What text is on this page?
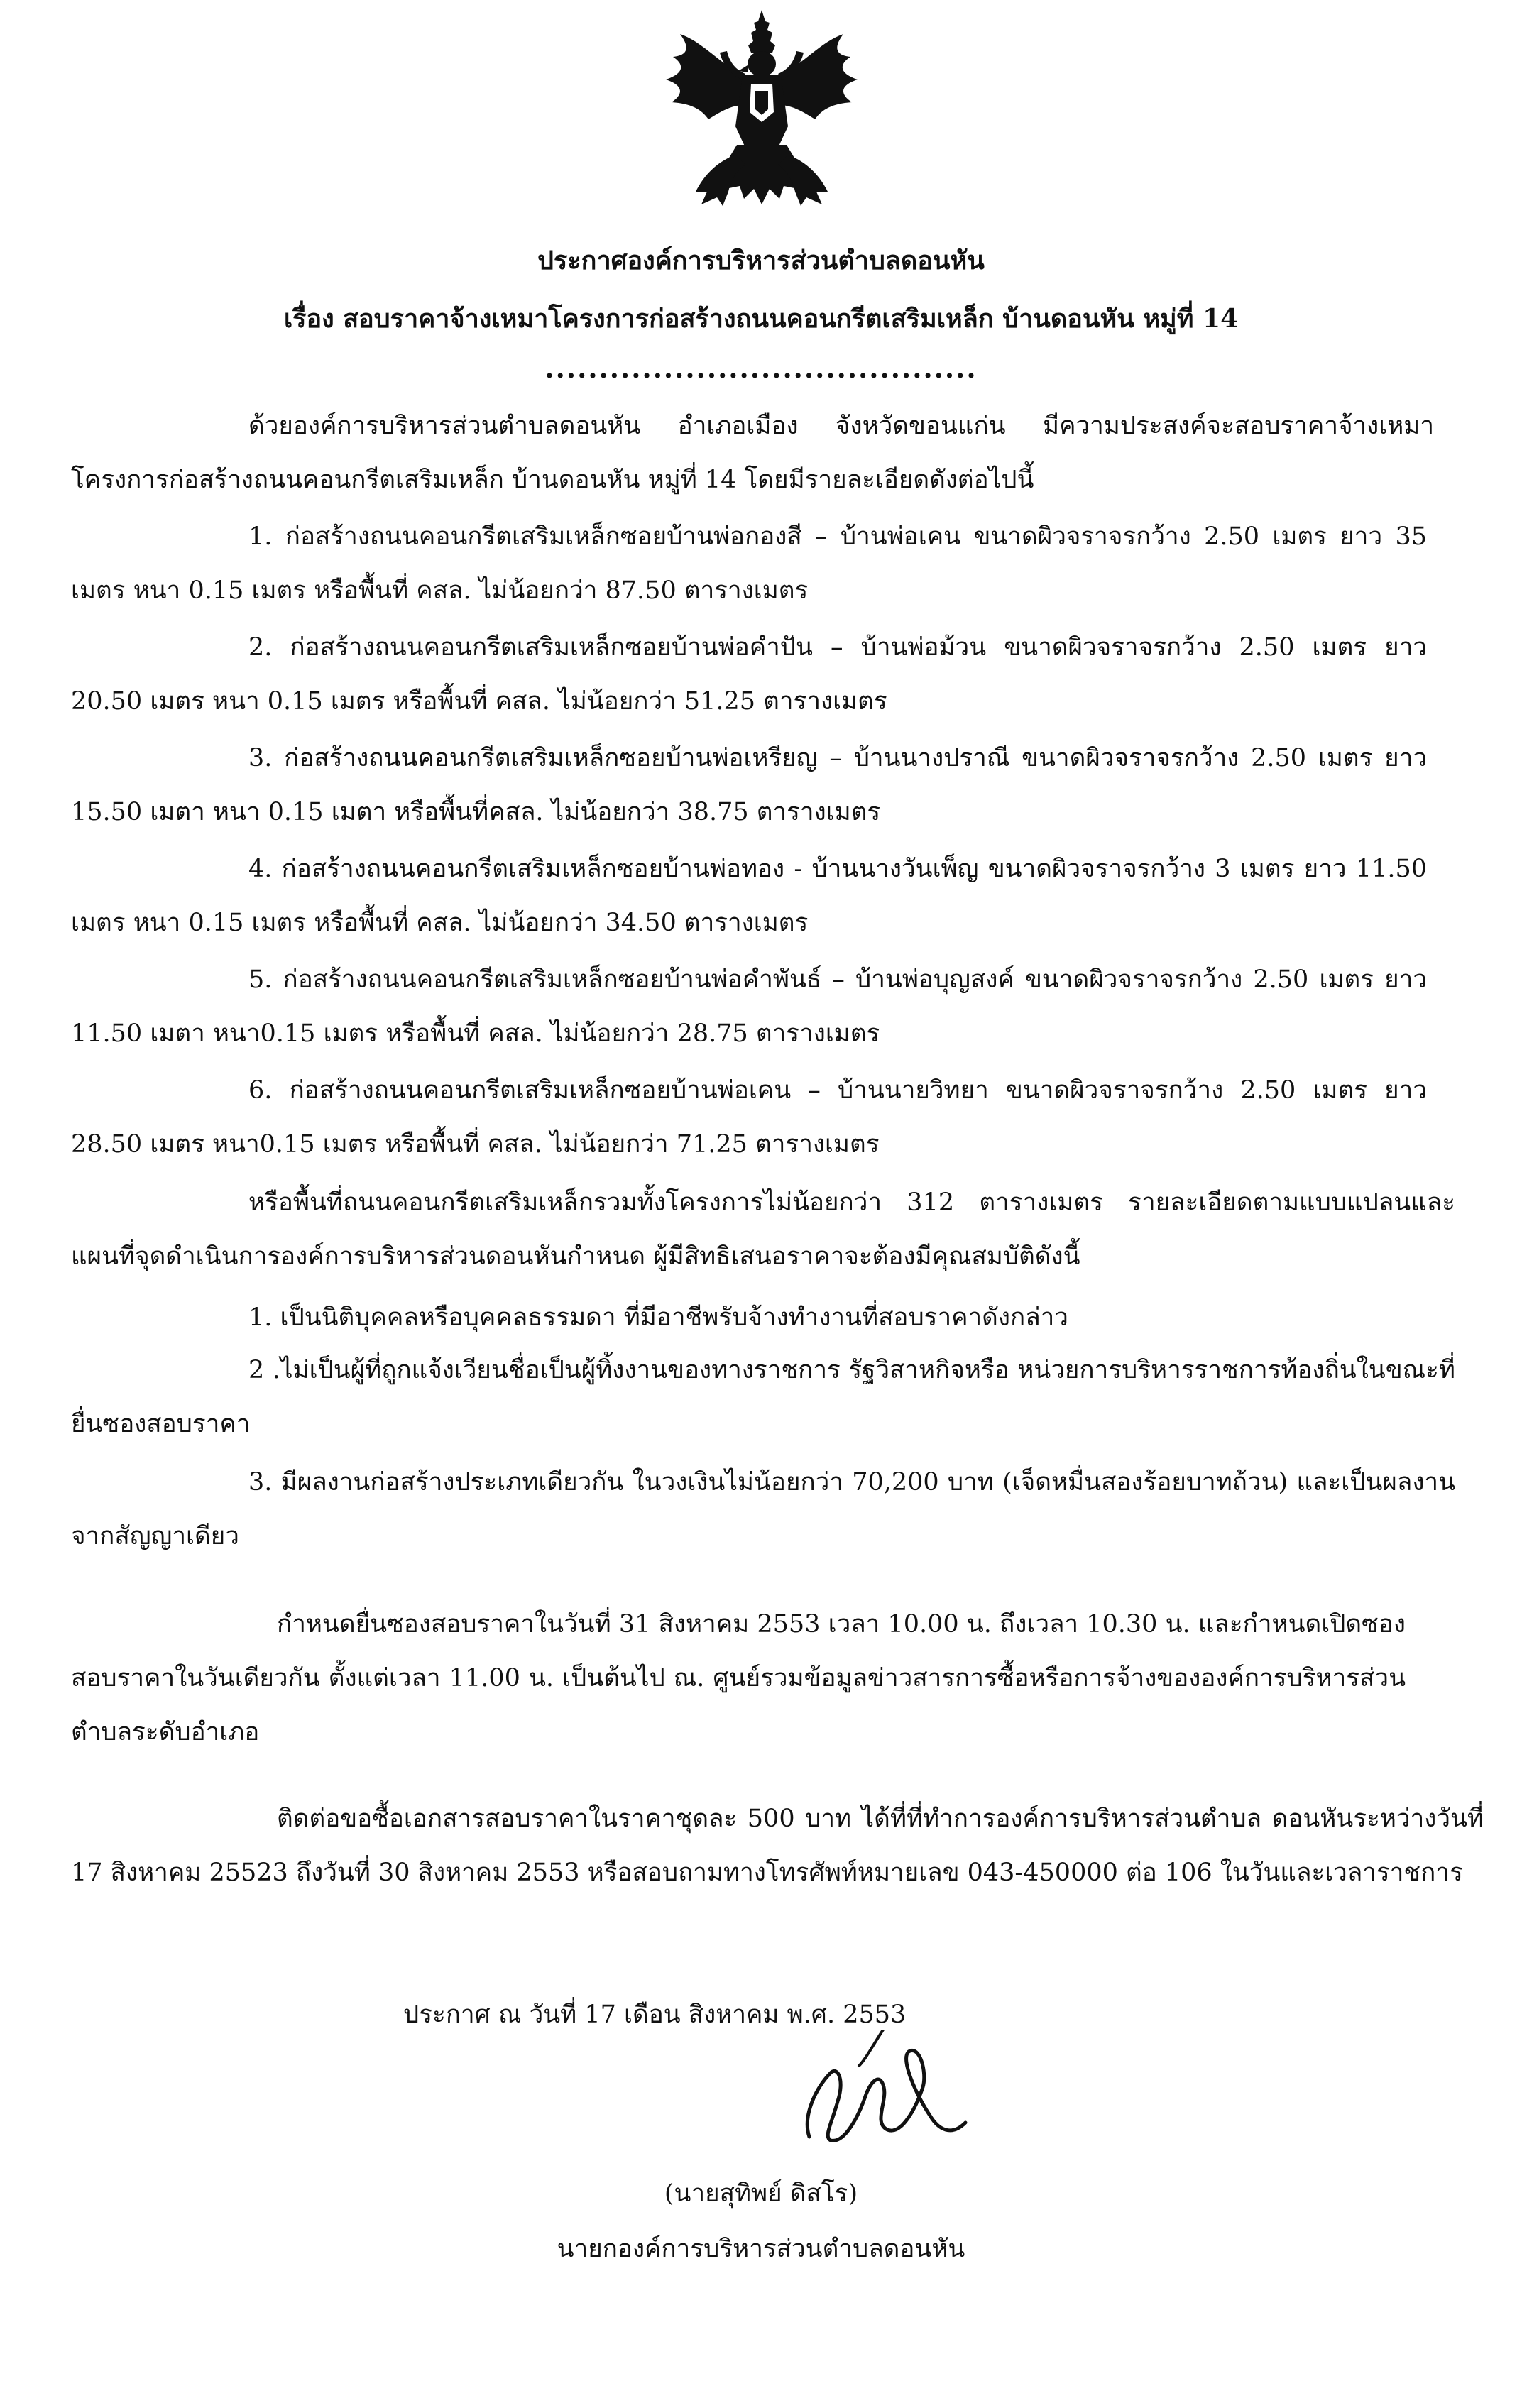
ประกาศองค์การบริหารส่วนตำบลดอนหัน
เรื่อง สอบราคาจ้างเหมาโครงการก่อสร้างถนนคอนกรีตเสริมเหล็ก บ้านดอนหัน หมู่ที่ 14
........................................
ด้วยองค์การบริหารส่วนตำบลดอนหัน อำเภอเมือง จังหวัดขอนแก่น มีความประสงค์จะสอบราคาจ้างเหมาโครงการก่อสร้างถนนคอนกรีตเสริมเหล็ก บ้านดอนหัน หมู่ที่ 14 โดยมีรายละเอียดดังต่อไปนี้
1. ก่อสร้างถนนคอนกรีตเสริมเหล็กซอยบ้านพ่อกองสี – บ้านพ่อเคน ขนาดผิวจราจรกว้าง 2.50 เมตร ยาว 35 เมตร หนา 0.15 เมตร หรือพื้นที่ คสล. ไม่น้อยกว่า 87.50 ตารางเมตร
2. ก่อสร้างถนนคอนกรีตเสริมเหล็กซอยบ้านพ่อคำปัน – บ้านพ่อม้วน ขนาดผิวจราจรกว้าง 2.50 เมตร ยาว 20.50 เมตร หนา 0.15 เมตร หรือพื้นที่ คสล. ไม่น้อยกว่า 51.25 ตารางเมตร
3. ก่อสร้างถนนคอนกรีตเสริมเหล็กซอยบ้านพ่อเหรียญ – บ้านนางปราณี ขนาดผิวจราจรกว้าง 2.50 เมตร ยาว 15.50 เมตา หนา 0.15 เมตา หรือพื้นที่คสล. ไม่น้อยกว่า 38.75 ตารางเมตร
4. ก่อสร้างถนนคอนกรีตเสริมเหล็กซอยบ้านพ่อทอง - บ้านนางวันเพ็ญ ขนาดผิวจราจรกว้าง 3 เมตร ยาว 11.50 เมตร หนา 0.15 เมตร หรือพื้นที่ คสล. ไม่น้อยกว่า 34.50 ตารางเมตร
5. ก่อสร้างถนนคอนกรีตเสริมเหล็กซอยบ้านพ่อคำพันธ์ – บ้านพ่อบุญสงค์ ขนาดผิวจราจรกว้าง 2.50 เมตร ยาว 11.50 เมตา หนา0.15 เมตร หรือพื้นที่ คสล. ไม่น้อยกว่า 28.75 ตารางเมตร
6. ก่อสร้างถนนคอนกรีตเสริมเหล็กซอยบ้านพ่อเคน – บ้านนายวิทยา ขนาดผิวจราจรกว้าง 2.50 เมตร ยาว 28.50 เมตร หนา0.15 เมตร หรือพื้นที่ คสล. ไม่น้อยกว่า 71.25 ตารางเมตร
หรือพื้นที่ถนนคอนกรีตเสริมเหล็กรวมทั้งโครงการไม่น้อยกว่า 312 ตารางเมตร รายละเอียดตามแบบแปลนและแผนที่จุดดำเนินการองค์การบริหารส่วนดอนหันกำหนด ผู้มีสิทธิเสนอราคาจะต้องมีคุณสมบัติดังนี้
1. เป็นนิติบุคคลหรือบุคคลธรรมดา ที่มีอาชีพรับจ้างทำงานที่สอบราคาดังกล่าว
2 .ไม่เป็นผู้ที่ถูกแจ้งเวียนชื่อเป็นผู้ทิ้งงานของทางราชการ รัฐวิสาหกิจหรือ หน่วยการบริหารราชการท้องถิ่นในขณะที่ยื่นซองสอบราคา
3. มีผลงานก่อสร้างประเภทเดียวกัน ในวงเงินไม่น้อยกว่า 70,200 บาท (เจ็ดหมื่นสองร้อยบาทถ้วน) และเป็นผลงานจากสัญญาเดียว
กำหนดยื่นซองสอบราคาในวันที่ 31 สิงหาคม 2553 เวลา 10.00 น. ถึงเวลา 10.30 น. และกำหนดเปิดซองสอบราคาในวันเดียวกัน ตั้งแต่เวลา 11.00 น. เป็นต้นไป ณ. ศูนย์รวมข้อมูลข่าวสารการซื้อหรือการจ้างขององค์การบริหารส่วนตำบลระดับอำเภอ
ติดต่อขอซื้อเอกสารสอบราคาในราคาชุดละ 500 บาท ได้ที่ที่ทำการองค์การบริหารส่วนตำบล ดอนหันระหว่างวันที่ 17 สิงหาคม 25523 ถึงวันที่ 30 สิงหาคม 2553 หรือสอบถามทางโทรศัพท์หมายเลข 043-450000 ต่อ 106 ในวันและเวลาราชการ
ประกาศ ณ วันที่ 17 เดือน สิงหาคม พ.ศ. 2553
(นายสุทิพย์ ดิสโร)
นายกองค์การบริหารส่วนตำบลดอนหัน
